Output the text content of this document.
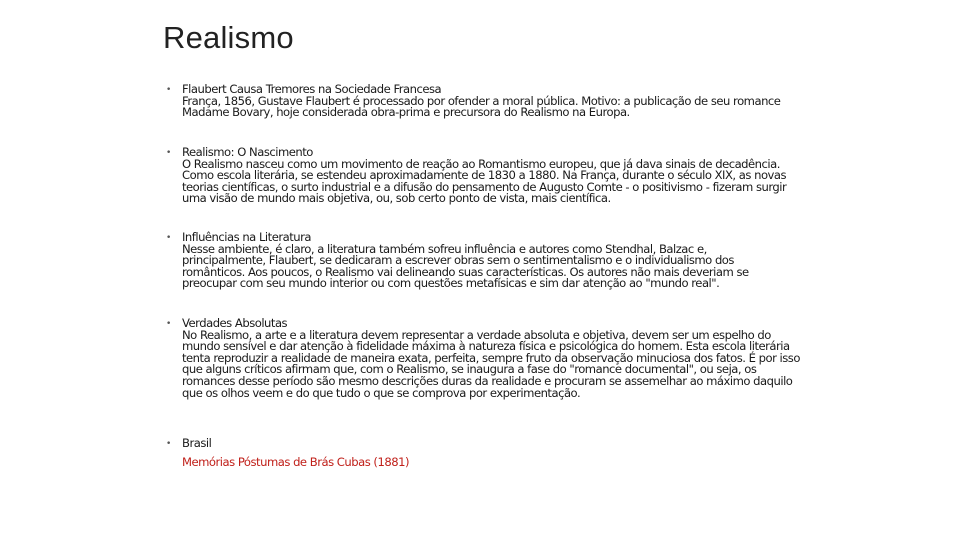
Realismo
• Flaubert Causa Tremores na Sociedade Francesa
França, 1856, Gustave Flaubert é processado por ofender a moral pública. Motivo: a publicação de seu romance Madame Bovary, hoje considerada obra-prima e precursora do Realismo na Europa.
• Realismo: O Nascimento
O Realismo nasceu como um movimento de reação ao Romantismo europeu, que já dava sinais de decadência. Como escola literária, se estendeu aproximadamente de 1830 a 1880. Na França, durante o século XIX, as novas teorias científicas, o surto industrial e a difusão do pensamento de Augusto Comte - o positivismo - fizeram surgir uma visão de mundo mais objetiva, ou, sob certo ponto de vista, mais científica.
• Influências na Literatura
Nesse ambiente, é claro, a literatura também sofreu influência e autores como Stendhal, Balzac e, principalmente, Flaubert, se dedicaram a escrever obras sem o sentimentalismo e o individualismo dos românticos. Aos poucos, o Realismo vai delineando suas características. Os autores não mais deveriam se preocupar com seu mundo interior ou com questões metafísicas e sim dar atenção ao "mundo real".
• Verdades Absolutas
No Realismo, a arte e a literatura devem representar a verdade absoluta e objetiva, devem ser um espelho do mundo sensível e dar atenção à fidelidade máxima à natureza física e psicológica do homem. Esta escola literária tenta reproduzir a realidade de maneira exata, perfeita, sempre fruto da observação minuciosa dos fatos. É por isso que alguns críticos afirmam que, com o Realismo, se inaugura a fase do "romance documental", ou seja, os romances desse período são mesmo descrições duras da realidade e procuram se assemelhar ao máximo daquilo que os olhos veem e do que tudo o que se comprova por experimentação.
• Brasil
Memórias Póstumas de Brás Cubas (1881)
